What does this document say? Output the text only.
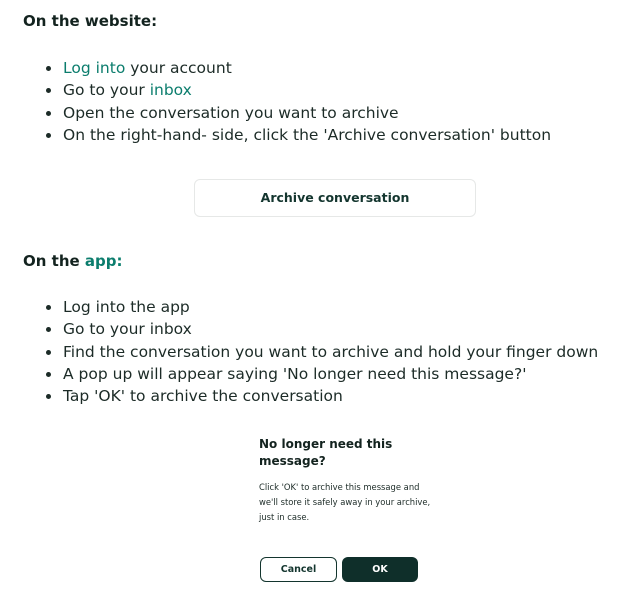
On the website:
Log into your account
Go to your inbox
Open the conversation you want to archive
On the right-hand- side, click the 'Archive conversation' button
Archive conversation
On the app:
Log into the app
Go to your inbox
Find the conversation you want to archive and hold your finger down
A pop up will appear saying 'No longer need this message?'
Tap 'OK' to archive the conversation
No longer need this message?
Click 'OK' to archive this message and we'll store it safely away in your archive, just in case.
Cancel	OK
